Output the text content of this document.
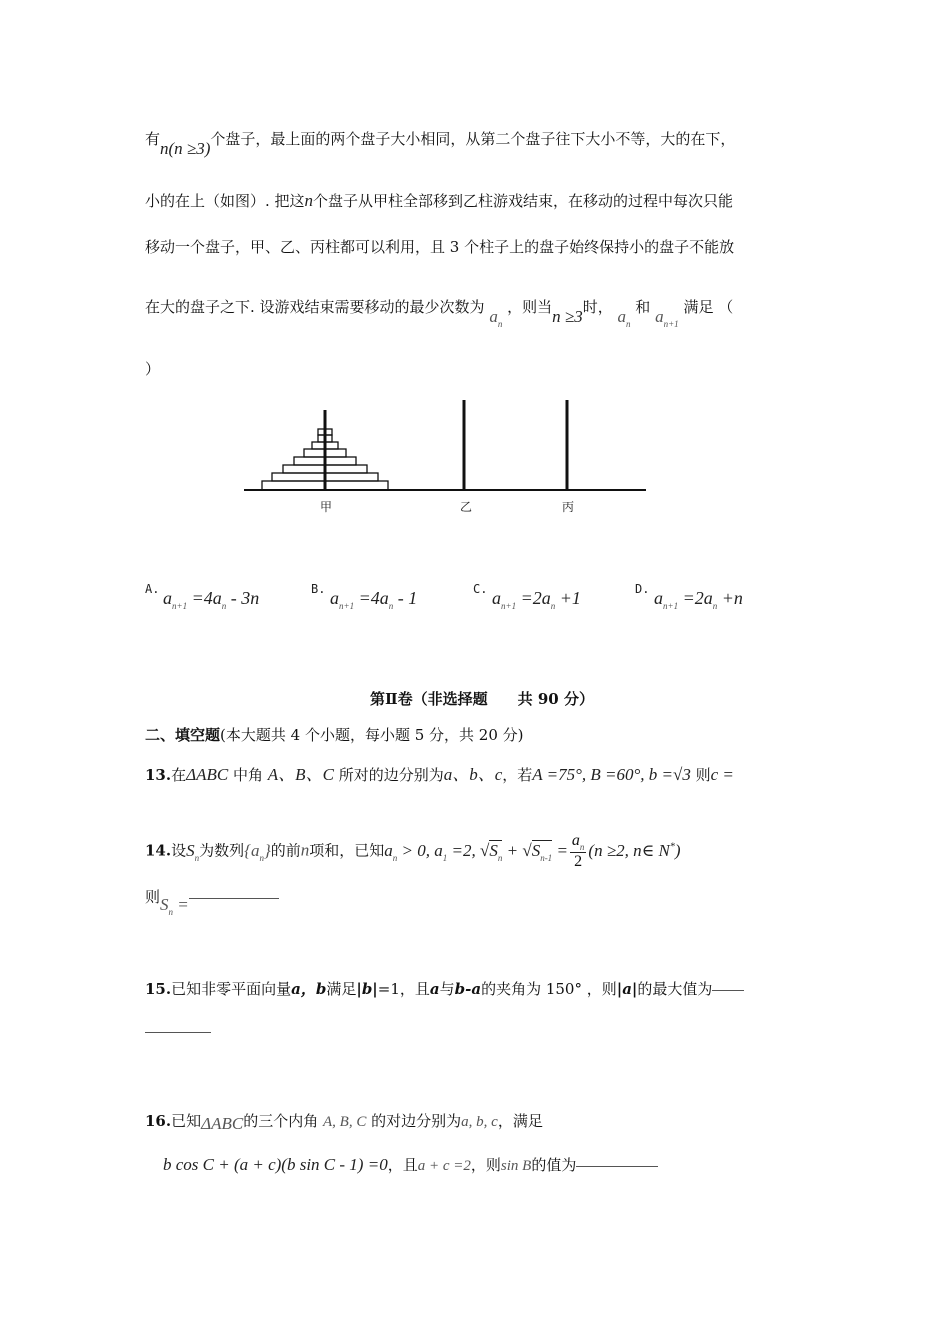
有n(n ≥3)个盘子，最上面的两个盘子大小相同，从第二个盘子往下大小不等，大的在下，
小的在上（如图）. 把这n个盘子从甲柱全部移到乙柱游戏结束，在移动的过程中每次只能
移动一个盘子，甲、乙、丙柱都可以利用，且 3 个柱子上的盘子始终保持小的盘子不能放
在大的盘子之下. 设游戏结束需要移动的最少次数为 $a_n$ ，则当n ≥3时， $a_n$ 和 $a_{n+1}$ 满足 （
）
甲	乙	丙
A. $a_{n+1} =4a_n - 3n$	B. $a_{n+1} =4a_n - 1$	C. $a_{n+1} =2a_n +1$	D. $a_{n+1} =2a_n +n$
第Ⅱ卷（非选择题　　共 90 分）
二、填空题(本大题共 4 个小题，每小题 5 分，共 20 分)
13.在ΔABC 中角 A、B、C 所对的边分别为a、b、c，若A =75°, B =60°, b =√3 则c =
14.设$S_n$为数列$\{a_n\}$的前n项和，已知$a_n > 0$, $a_1 =2$, $√S_n + √S_{n-1} = \frac{a_n}{2} (n \ge 2$, n∈ N*)
则$S_n$ =
15.已知非零平面向量a，b满足|b|=1，且a与b-a的夹角为 150° ，则|a|的最大值为
16.已知ΔABC的三个内角 A, B, C 的对边分别为a, b, c，满足
b cos C + (a + c)(b sin C - 1) =0，且a + c =2，则sin B的值为
